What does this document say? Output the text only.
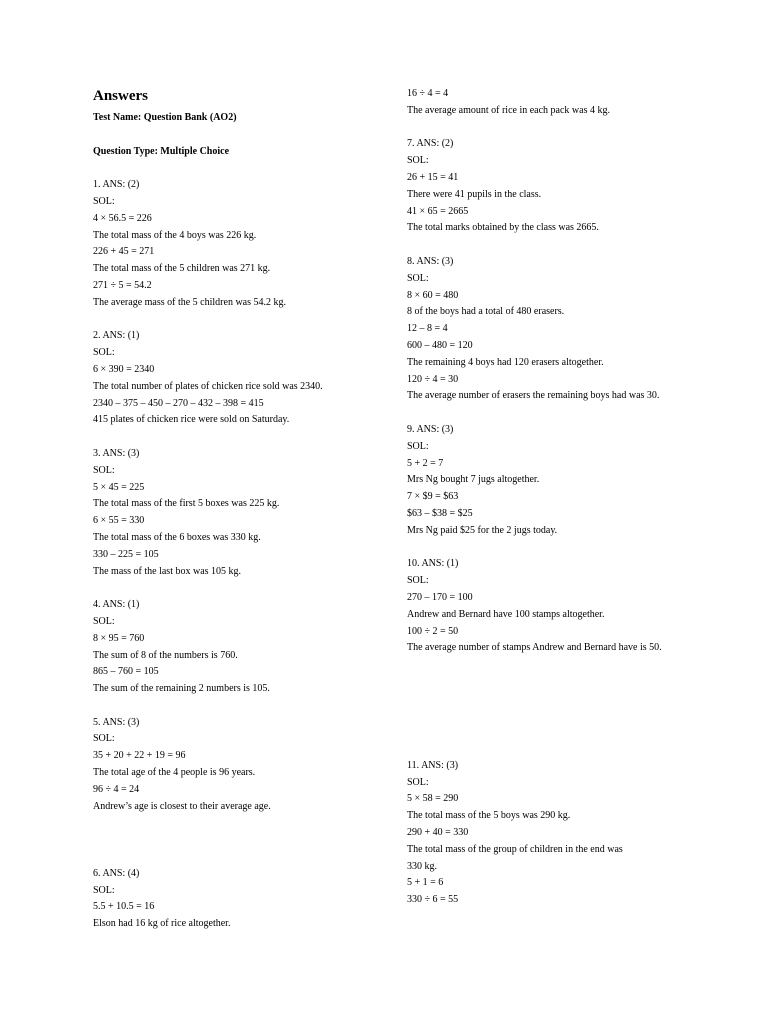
Answers
Test Name: Question Bank (AO2)
Question Type: Multiple Choice
1. ANS: (2)
SOL:
4 × 56.5 = 226
The total mass of the 4 boys was 226 kg.
226 + 45 = 271
The total mass of the 5 children was 271 kg.
271 ÷ 5 = 54.2
The average mass of the 5 children was 54.2 kg.
2. ANS: (1)
SOL:
6 × 390 = 2340
The total number of plates of chicken rice sold was 2340.
2340 – 375 – 450 – 270 – 432 – 398 = 415
415 plates of chicken rice were sold on Saturday.
3. ANS: (3)
SOL:
5 × 45 = 225
The total mass of the first 5 boxes was 225 kg.
6 × 55 = 330
The total mass of the 6 boxes was 330 kg.
330 – 225 = 105
The mass of the last box was 105 kg.
4. ANS: (1)
SOL:
8 × 95 = 760
The sum of 8 of the numbers is 760.
865 – 760 = 105
The sum of the remaining 2 numbers is 105.
5. ANS: (3)
SOL:
35 + 20 + 22 + 19 = 96
The total age of the 4 people is 96 years.
96 ÷ 4 = 24
Andrew’s age is closest to their average age.
6. ANS: (4)
SOL:
5.5 + 10.5 = 16
Elson had 16 kg of rice altogether.
16 ÷ 4 = 4
The average amount of rice in each pack was 4 kg.
7. ANS: (2)
SOL:
26 + 15 = 41
There were 41 pupils in the class.
41 × 65 = 2665
The total marks obtained by the class was 2665.
8. ANS: (3)
SOL:
8 × 60 = 480
8 of the boys had a total of 480 erasers.
12 – 8 = 4
600 – 480 = 120
The remaining 4 boys had 120 erasers altogether.
120 ÷ 4 = 30
The average number of erasers the remaining boys had was 30.
9. ANS: (3)
SOL:
5 + 2 = 7
Mrs Ng bought 7 jugs altogether.
7 × $9 = $63
$63 – $38 = $25
Mrs Ng paid $25 for the 2 jugs today.
10. ANS: (1)
SOL:
270 – 170 = 100
Andrew and Bernard have 100 stamps altogether.
100 ÷ 2 = 50
The average number of stamps Andrew and Bernard have is 50.
11. ANS: (3)
SOL:
5 × 58 = 290
The total mass of the 5 boys was 290 kg.
290 + 40 = 330
The total mass of the group of children in the end was
330 kg.
5 + 1 = 6
330 ÷ 6 = 55
